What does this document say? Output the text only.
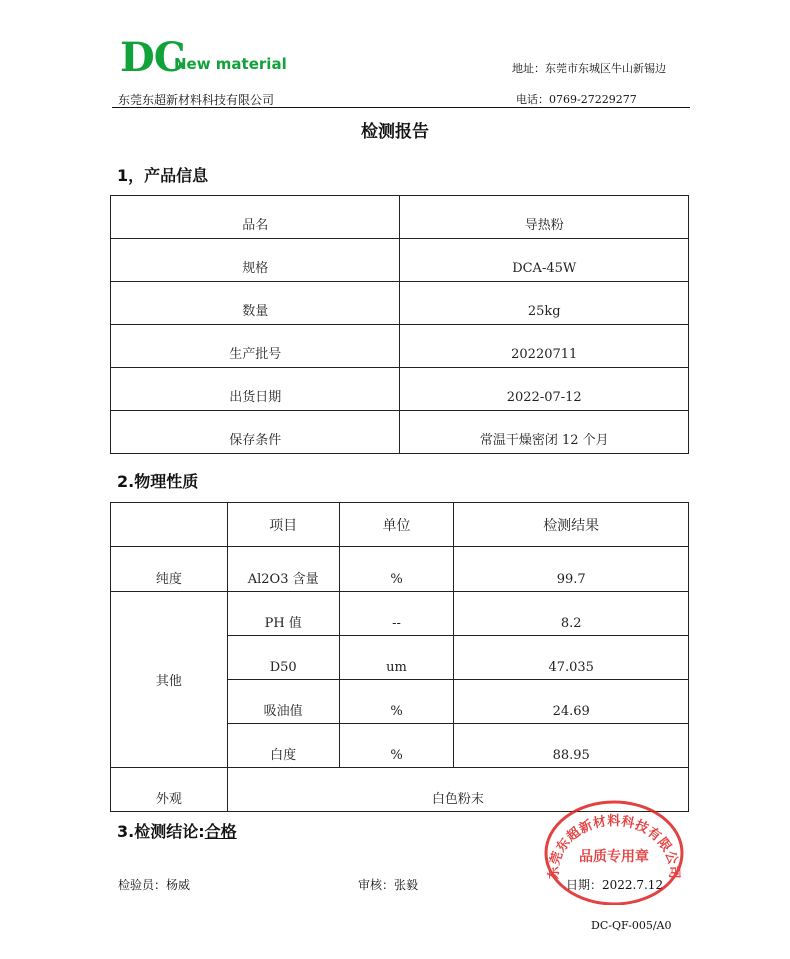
DC
New material	地址：东莞市东城区牛山新锡边
东莞东超新材料科技有限公司	电话：0769-27229277
检测报告
1，产品信息
品名	导热粉
规格	DCA-45W
数量	25kg
生产批号	20220711
出货日期	2022-07-12
保存条件	常温干燥密闭 12 个月
2.物理性质
	项目	单位	检测结果
纯度	Al2O3 含量	%	99.7
其他	PH 值	--	8.2
	D50	um	47.035
	吸油值	%	24.69
	白度	%	88.95
外观	白色粉末		
3.检测结论:合格
检验员：杨威	审核：张毅	日期：2022.7.12
DC-QF-005/A0
东莞东超新材料科技有限公司
品质专用章
